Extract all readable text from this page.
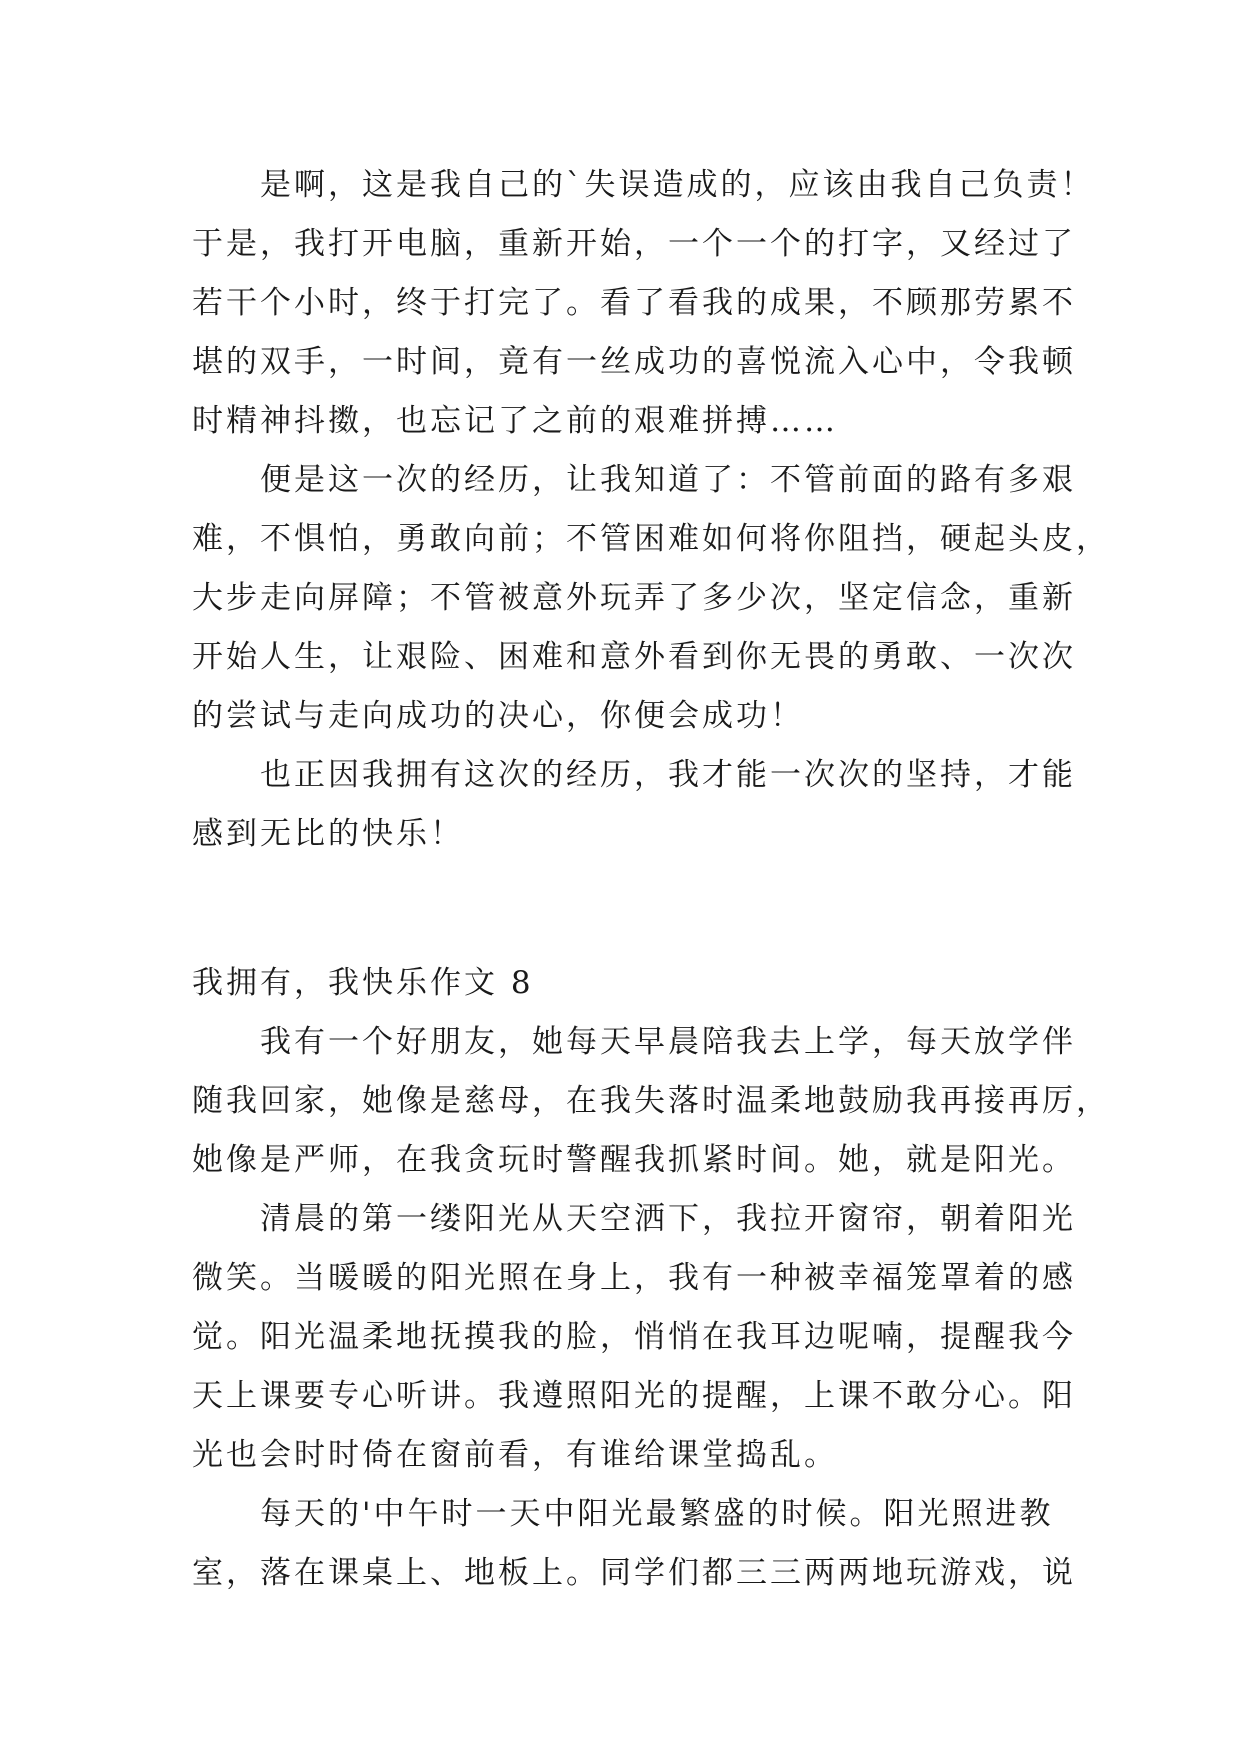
是啊，这是我自己的`失误造成的，应该由我自己负责！
于是，我打开电脑，重新开始，一个一个的打字，又经过了
若干个小时，终于打完了。看了看我的成果，不顾那劳累不
堪的双手，一时间，竟有一丝成功的喜悦流入心中，令我顿
时精神抖擞，也忘记了之前的艰难拼搏……
便是这一次的经历，让我知道了：不管前面的路有多艰
难，不惧怕，勇敢向前；不管困难如何将你阻挡，硬起头皮，
大步走向屏障；不管被意外玩弄了多少次，坚定信念，重新
开始人生，让艰险、困难和意外看到你无畏的勇敢、一次次
的尝试与走向成功的决心，你便会成功！
也正因我拥有这次的经历，我才能一次次的坚持，才能
感到无比的快乐！
我拥有，我快乐作文 8
我有一个好朋友，她每天早晨陪我去上学，每天放学伴
随我回家，她像是慈母，在我失落时温柔地鼓励我再接再厉，
她像是严师，在我贪玩时警醒我抓紧时间。她，就是阳光。
清晨的第一缕阳光从天空洒下，我拉开窗帘，朝着阳光
微笑。当暖暖的阳光照在身上，我有一种被幸福笼罩着的感
觉。阳光温柔地抚摸我的脸，悄悄在我耳边呢喃，提醒我今
天上课要专心听讲。我遵照阳光的提醒，上课不敢分心。阳
光也会时时倚在窗前看，有谁给课堂捣乱。
每天的'中午时一天中阳光最繁盛的时候。阳光照进教
室，落在课桌上、地板上。同学们都三三两两地玩游戏，说
